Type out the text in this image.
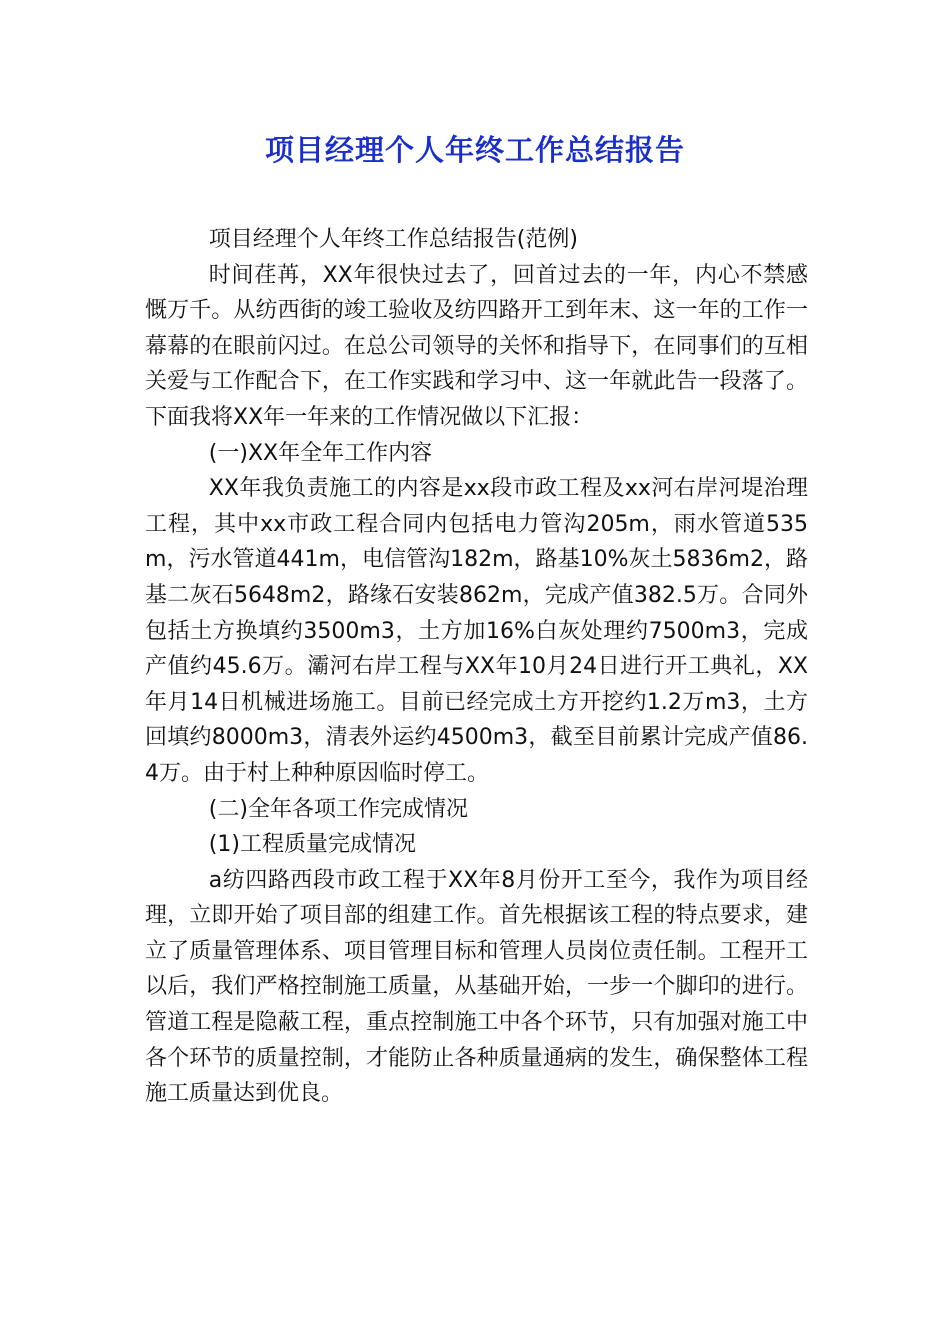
项目经理个人年终工作总结报告

项目经理个人年终工作总结报告(范例)

时间荏苒，XX年很快过去了，回首过去的一年，内心不禁感慨万千。从纺西街的竣工验收及纺四路开工到年末、这一年的工作一幕幕的在眼前闪过。在总公司领导的关怀和指导下，在同事们的互相关爱与工作配合下，在工作实践和学习中、这一年就此告一段落了。下面我将XX年一年来的工作情况做以下汇报：

(一)XX年全年工作内容

XX年我负责施工的内容是xx段市政工程及xx河右岸河堤治理工程，其中xx市政工程合同内包括电力管沟205m，雨水管道535m，污水管道441m，电信管沟182m，路基10%灰土5836m2，路基二灰石5648m2，路缘石安装862m，完成产值382.5万。合同外包括土方换填约3500m3，土方加16%白灰处理约7500m3，完成产值约45.6万。灞河右岸工程与XX年10月24日进行开工典礼，XX年月14日机械进场施工。目前已经完成土方开挖约1.2万m3，土方回填约8000m3，清表外运约4500m3，截至目前累计完成产值86.4万。由于村上种种原因临时停工。

(二)全年各项工作完成情况

(1)工程质量完成情况

a纺四路西段市政工程于XX年8月份开工至今，我作为项目经理，立即开始了项目部的组建工作。首先根据该工程的特点要求，建立了质量管理体系、项目管理目标和管理人员岗位责任制。工程开工以后，我们严格控制施工质量，从基础开始，一步一个脚印的进行。管道工程是隐蔽工程，重点控制施工中各个环节，只有加强对施工中各个环节的质量控制，才能防止各种质量通病的发生，确保整体工程施工质量达到优良。
